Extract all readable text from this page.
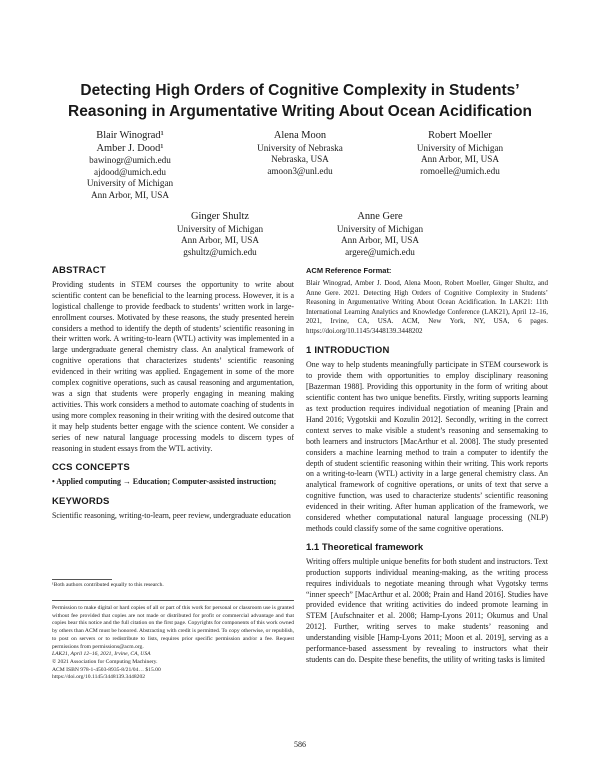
Detecting High Orders of Cognitive Complexity in Students’
Reasoning in Argumentative Writing About Ocean Acidification
Blair Winograd¹
Amber J. Dood¹
bawinogr@umich.edu
ajdood@umich.edu
University of Michigan
Ann Arbor, MI, USA
Alena Moon
University of Nebraska
Nebraska, USA
amoon3@unl.edu
Robert Moeller
University of Michigan
Ann Arbor, MI, USA
romoelle@umich.edu
Ginger Shultz
University of Michigan
Ann Arbor, MI, USA
gshultz@umich.edu
Anne Gere
University of Michigan
Ann Arbor, MI, USA
argere@umich.edu
ABSTRACT

Providing students in STEM courses the opportunity to write about scientific content can be beneficial to the learning process. However, it is a logistical challenge to provide feedback to students’ written work in large-enrollment courses. Motivated by these reasons, the study presented herein considers a method to identify the depth of students’ scientific reasoning in their written work. A writing-to-learn (WTL) activity was implemented in a large undergraduate general chemistry class. An analytical framework of cognitive operations that characterizes students’ scientific reasoning evidenced in their writing was applied. Engagement in some of the more complex cognitive operations, such as causal reasoning and argumentation, was a sign that students were properly engaging in meaning making activities. This work considers a method to automate coaching of students in using more complex reasoning in their writing with the desired outcome that it may help students better engage with the science content. We consider a series of new natural language processing models to discern types of reasoning in student essays from the WTL activity.

CCS CONCEPTS

• Applied computing → Education; Computer-assisted instruction;

KEYWORDS

Scientific reasoning, writing-to-learn, peer review, undergraduate education

¹Both authors contributed equally to this research.
Permission to make digital or hard copies of all or part of this work for personal or classroom use is granted without fee provided that copies are not made or distributed for profit or commercial advantage and that copies bear this notice and the full citation on the first page. Copyrights for components of this work owned by others than ACM must be honored. Abstracting with credit is permitted. To copy otherwise, or republish, to post on servers or to redistribute to lists, requires prior specific permission and/or a fee. Request permissions from permissions@acm.org.
LAK21, April 12–16, 2021, Irvine, CA, USA
© 2021 Association for Computing Machinery.
ACM ISBN 978-1-4503-8935-8/21/04… $15.00
https://doi.org/10.1145/3448139.3448202
ACM Reference Format:

Blair Winograd, Amber J. Dood, Alena Moon, Robert Moeller, Ginger Shultz, and Anne Gere. 2021. Detecting High Orders of Cognitive Complexity in Students’ Reasoning in Argumentative Writing About Ocean Acidification. In LAK21: 11th International Learning Analytics and Knowledge Conference (LAK21), April 12–16, 2021, Irvine, CA, USA. ACM, New York, NY, USA, 6 pages. https://doi.org/10.1145/3448139.3448202

1 INTRODUCTION

One way to help students meaningfully participate in STEM coursework is to provide them with opportunities to employ disciplinary reasoning [Bazerman 1988]. Providing this opportunity in the form of writing about scientific content has two unique benefits. Firstly, writing supports learning as text production requires individual negotiation of meaning [Prain and Hand 2016; Vygotskii and Kozulin 2012]. Secondly, writing in the correct context serves to make visible a student’s reasoning and sensemaking to both learners and instructors [MacArthur et al. 2008]. The study presented considers a machine learning method to train a computer to identify the depth of student scientific reasoning within their writing. This work reports on a writing-to-learn (WTL) activity in a large general chemistry class. An analytical framework of cognitive operations, or units of text that serve a cognitive function, was used to characterize students’ scientific reasoning evidenced in their writing. After human application of the framework, we considered whether computational natural language processing (NLP) methods could classify some of the same cognitive operations.

1.1 Theoretical framework

Writing offers multiple unique benefits for both student and instructors. Text production supports individual meaning-making, as the writing process requires individuals to negotiate meaning through what Vygotsky terms “inner speech” [MacArthur et al. 2008; Prain and Hand 2016]. Studies have provided evidence that writing activities do indeed promote learning in STEM [Aufschnaiter et al. 2008; Hamp-Lyons 2011; Okumus and Unal 2012]. Further, writing serves to make students’ reasoning and understanding visible [Hamp-Lyons 2011; Moon et al. 2019], serving as a performance-based assessment by revealing to instructors what their students can do. Despite these benefits, the utility of writing tasks is limited

586
